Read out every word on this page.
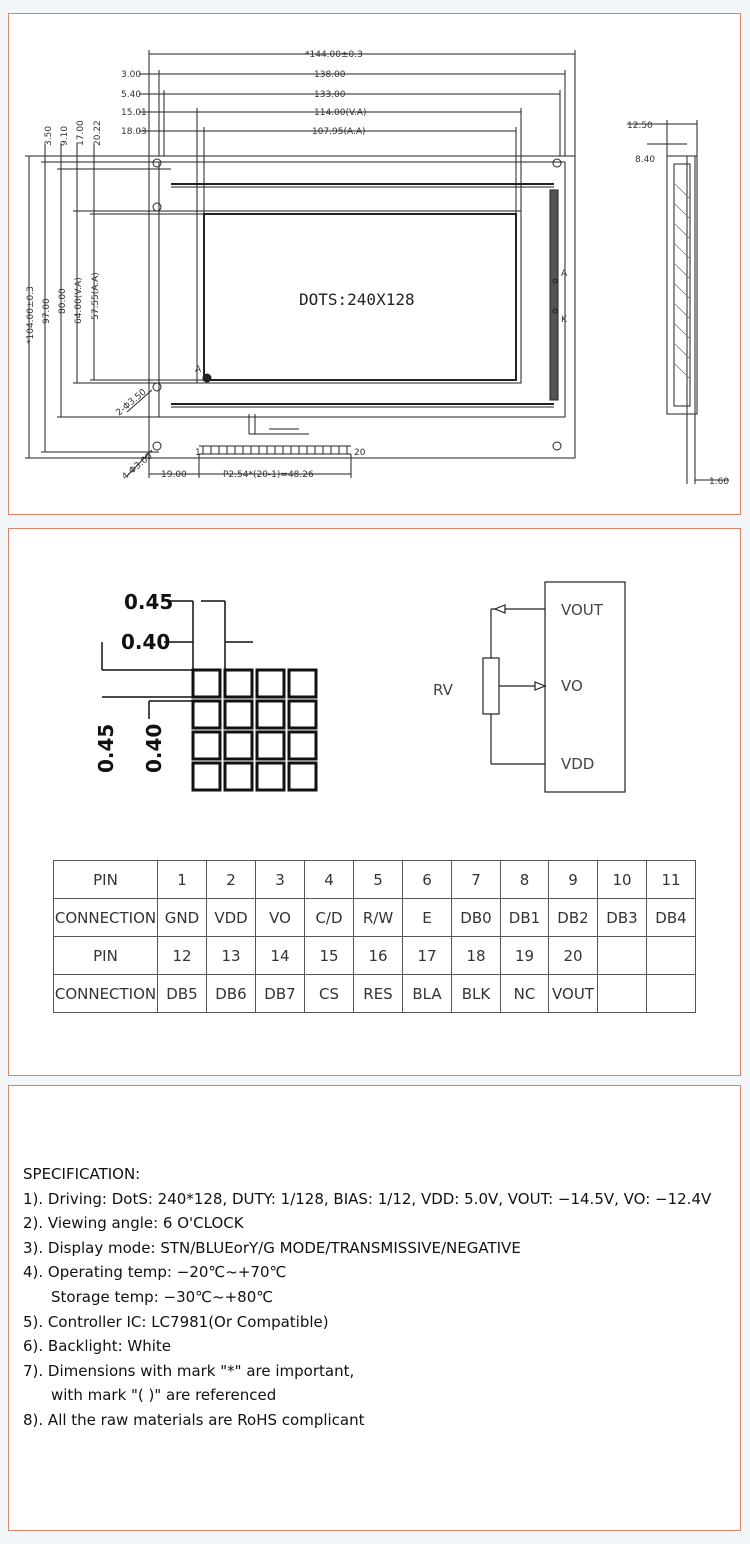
*144.00±0.3
138.00
133.00
114.00(V.A)
107.95(A.A)
3.00
5.40
15.01
18.03
3.50 9.10 17.00 20.22
*104.00±0.3 97.00 80.00 64.00(V.A) 57.55(A.A)	DOTS:240X128
2-Φ3.50
4-Φ3.00 19.00	P2.54*(20-1)=48.26
1	20
12.50
8.40
1.60
A
K
A
0.45
0.40
0.45 0.40
RV
VOUT
VO
VDD
PIN	1	2	3	4	5	6	7	8	9	10	11
CONNECTION	GND	VDD	VO	C/D	R/W	E	DB0	DB1	DB2	DB3	DB4
PIN	12	13	14	15	16	17	18	19	20		
CONNECTION	DB5	DB6	DB7	CS	RES	BLA	BLK	NC	VOUT		
SPECIFICATION:
1). Driving: DotS: 240*128, DUTY: 1/128, BIAS: 1/12, VDD: 5.0V, VOUT: −14.5V, VO: −12.4V
2). Viewing angle: 6 O'CLOCK
3). Display mode: STN/BLUEorY/G MODE/TRANSMISSIVE/NEGATIVE
4). Operating temp: −20℃~+70℃
Storage temp: −30℃~+80℃
5). Controller IC: LC7981(Or Compatible)
6). Backlight: White
7). Dimensions with mark "*" are important,
with mark "( )" are referenced
8). All the raw materials are RoHS complicant
